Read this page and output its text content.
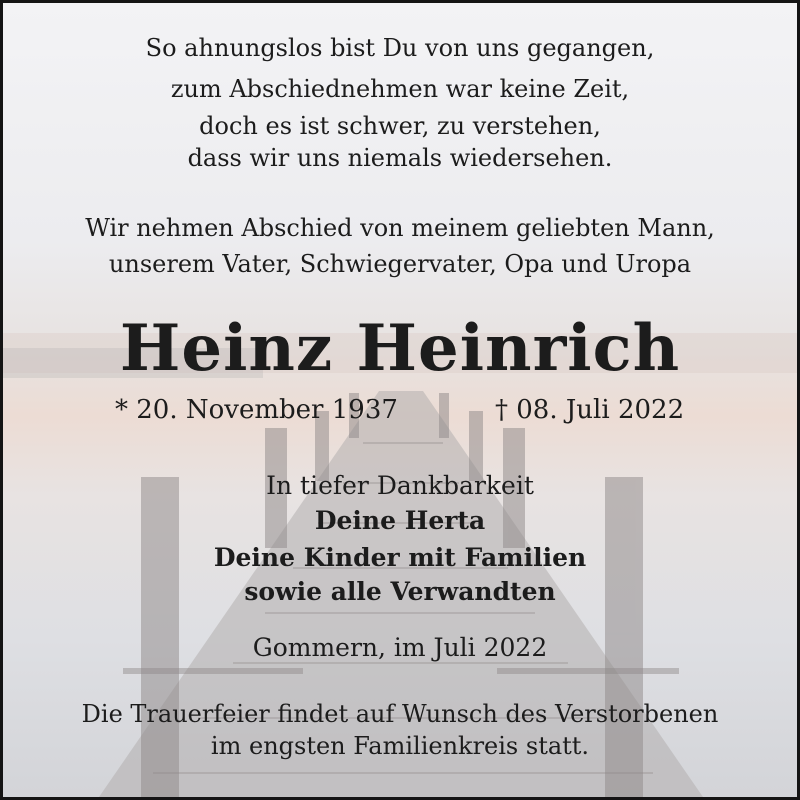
So ahnungslos bist Du von uns gegangen,
zum Abschiednehmen war keine Zeit,
doch es ist schwer, zu verstehen,
dass wir uns niemals wiedersehen.
Wir nehmen Abschied von meinem geliebten Mann,
unserem Vater, Schwiegervater, Opa und Uropa
Heinz Heinrich
* 20. November 1937	† 08. Juli 2022
In tiefer Dankbarkeit
Deine Herta
Deine Kinder mit Familien
sowie alle Verwandten
Gommern, im Juli 2022
Die Trauerfeier findet auf Wunsch des Verstorbenen
im engsten Familienkreis statt.
